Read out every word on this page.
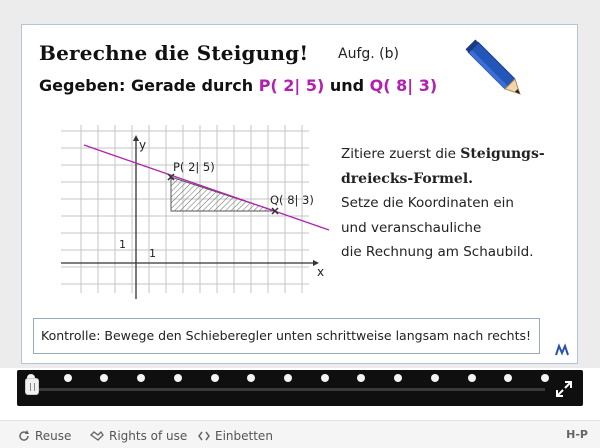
Berechne die Steigung! Aufg. (b)
Gegeben: Gerade durch P( 2| 5) und Q( 8| 3)
y
x
1
1
P( 2| 5)
Q( 8| 3)
Zitiere zuerst die Steigungs-
dreiecks-Formel.
Setze die Koordinaten ein
und veranschauliche
die Rechnung am Schaubild.
Kontrolle: Bewege den Schieberegler unten schrittweise langsam nach rechts!
Reuse	Rights of use Einbetten	H-P
